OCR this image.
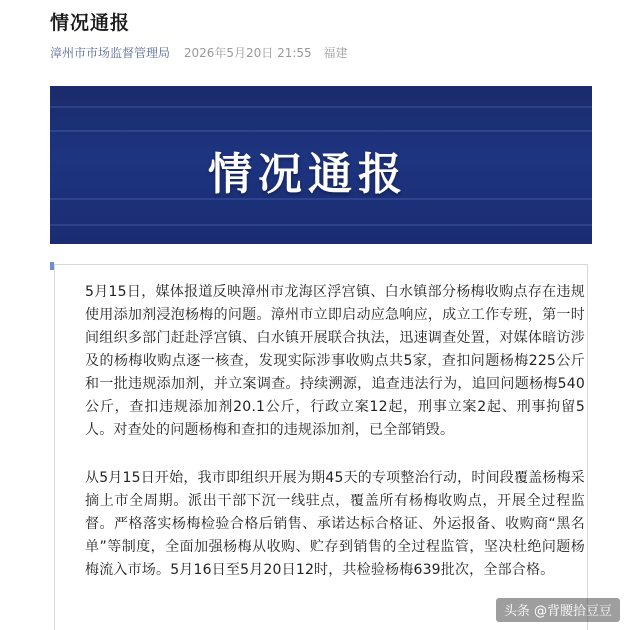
情况通报
漳州市市场监督管理局 2026年5月20日 21:55 福建
情况通报
5月15日，媒体报道反映漳州市龙海区浮宫镇、白水镇部分杨梅收购点存在违规使用添加剂浸泡杨梅的问题。漳州市立即启动应急响应，成立工作专班，第一时间组织多部门赶赴浮宫镇、白水镇开展联合执法，迅速调查处置，对媒体暗访涉及的杨梅收购点逐一核查，发现实际涉事收购点共5家，查扣问题杨梅225公斤和一批违规添加剂，并立案调查。持续溯源，追查违法行为，追回问题杨梅540公斤，查扣违规添加剂20.1公斤，行政立案12起，刑事立案2起、刑事拘留5人。对查处的问题杨梅和查扣的违规添加剂，已全部销毁。
从5月15日开始，我市即组织开展为期45天的专项整治行动，时间段覆盖杨梅采摘上市全周期。派出干部下沉一线驻点，覆盖所有杨梅收购点，开展全过程监督。严格落实杨梅检验合格后销售、承诺达标合格证、外运报备、收购商“黑名单”等制度，全面加强杨梅从收购、贮存到销售的全过程监管，坚决杜绝问题杨梅流入市场。5月16日至5月20日12时，共检验杨梅639批次，全部合格。
头条 @背腰拾豆豆
